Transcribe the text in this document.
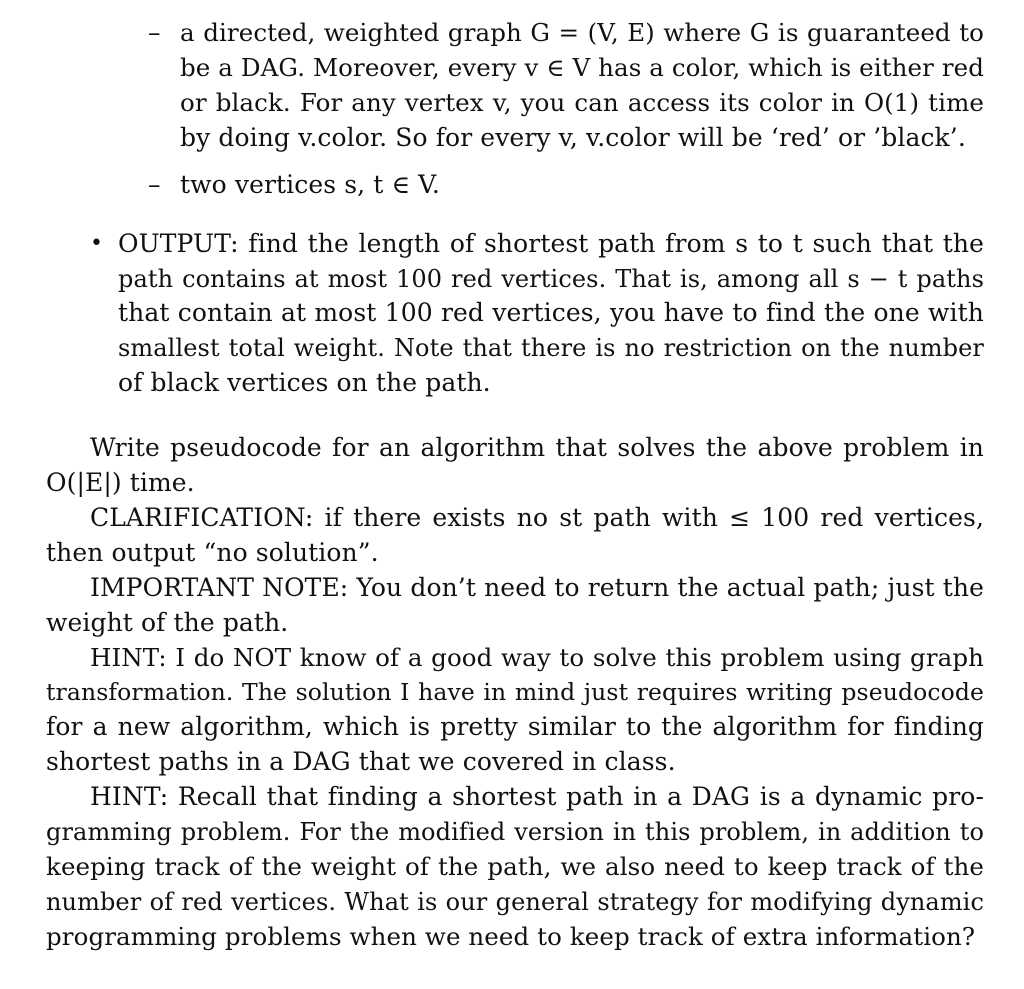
– a directed, weighted graph G = (V, E) where G is guaranteed to
be a DAG. Moreover, every v ∈ V has a color, which is either red
or black. For any vertex v, you can access its color in O(1) time
by doing v.color. So for every v, v.color will be ‘red’ or ’black’.
– two vertices s, t ∈ V.
• OUTPUT: find the length of shortest path from s to t such that the
path contains at most 100 red vertices. That is, among all s − t paths
that contain at most 100 red vertices, you have to find the one with
smallest total weight. Note that there is no restriction on the number
of black vertices on the path.
Write pseudocode for an algorithm that solves the above problem in
O(|E|) time.
CLARIFICATION: if there exists no st path with ≤ 100 red vertices,
then output “no solution”.
IMPORTANT NOTE: You don’t need to return the actual path; just the
weight of the path.
HINT: I do NOT know of a good way to solve this problem using graph
transformation. The solution I have in mind just requires writing pseudocode
for a new algorithm, which is pretty similar to the algorithm for finding
shortest paths in a DAG that we covered in class.
HINT: Recall that finding a shortest path in a DAG is a dynamic pro-
gramming problem. For the modified version in this problem, in addition to
keeping track of the weight of the path, we also need to keep track of the
number of red vertices. What is our general strategy for modifying dynamic
programming problems when we need to keep track of extra information?
